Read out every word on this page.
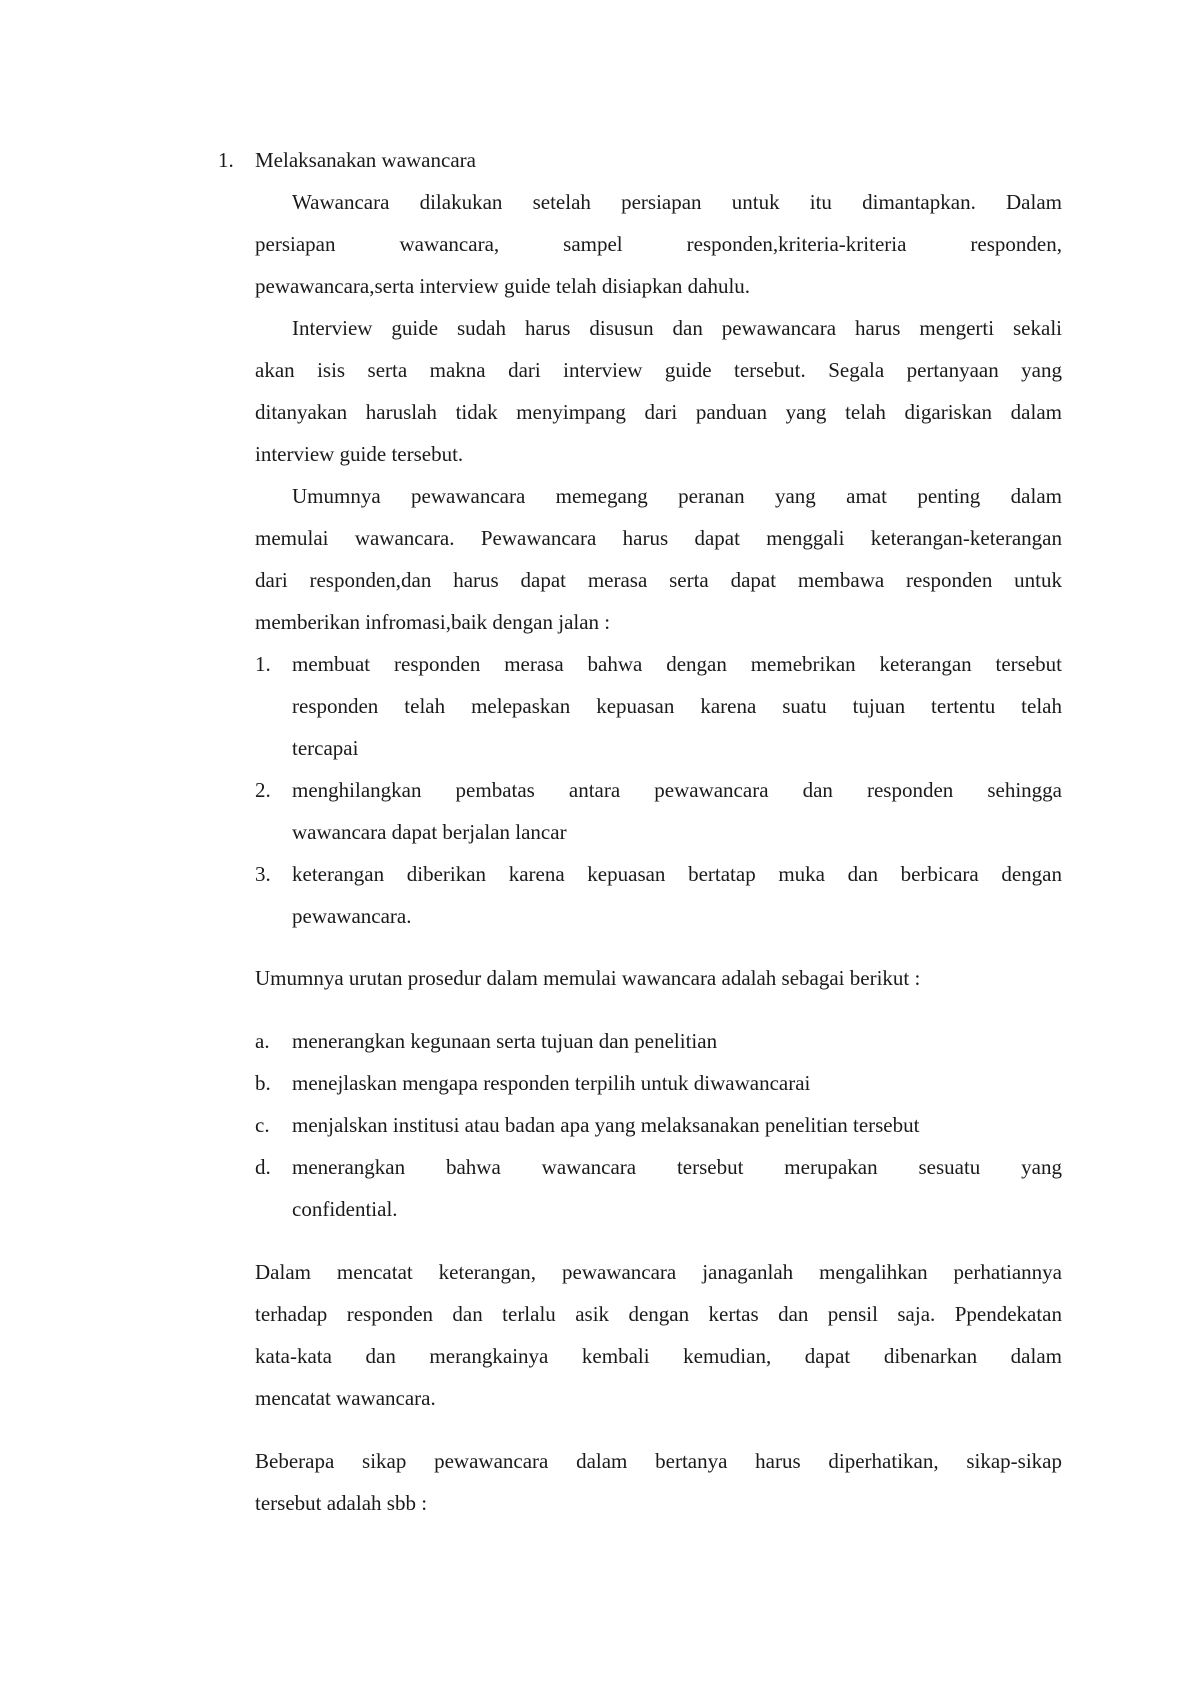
1.	Melaksanakan wawancara
Wawancara dilakukan setelah persiapan untuk itu dimantapkan. Dalam
persiapan wawancara, sampel responden,kriteria-kriteria responden,
pewawancara,serta interview guide telah disiapkan dahulu.
Interview guide sudah harus disusun dan pewawancara harus mengerti sekali
akan isis serta makna dari interview guide tersebut. Segala pertanyaan yang
ditanyakan haruslah tidak menyimpang dari panduan yang telah digariskan dalam
interview guide tersebut.
Umumnya pewawancara memegang peranan yang amat penting dalam
memulai wawancara. Pewawancara harus dapat menggali keterangan-keterangan
dari responden,dan harus dapat merasa serta dapat membawa responden untuk
memberikan infromasi,baik dengan jalan :
1.	membuat responden merasa bahwa dengan memebrikan keterangan tersebut
responden telah melepaskan kepuasan karena suatu tujuan tertentu telah
tercapai
2.	menghilangkan pembatas antara pewawancara dan responden sehingga
wawancara dapat berjalan lancar
3.	keterangan diberikan karena kepuasan bertatap muka dan berbicara dengan
pewawancara.
Umumnya urutan prosedur dalam memulai wawancara adalah sebagai berikut :
a.	menerangkan kegunaan serta tujuan dan penelitian
b.	menejlaskan mengapa responden terpilih untuk diwawancarai
c.	menjalskan institusi atau badan apa yang melaksanakan penelitian tersebut
d.	menerangkan bahwa wawancara tersebut merupakan sesuatu yang
confidential.
Dalam mencatat keterangan, pewawancara janaganlah mengalihkan perhatiannya
terhadap responden dan terlalu asik dengan kertas dan pensil saja. Ppendekatan
kata-kata dan merangkainya kembali kemudian, dapat dibenarkan dalam
mencatat wawancara.
Beberapa sikap pewawancara dalam bertanya harus diperhatikan, sikap-sikap
tersebut adalah sbb :
